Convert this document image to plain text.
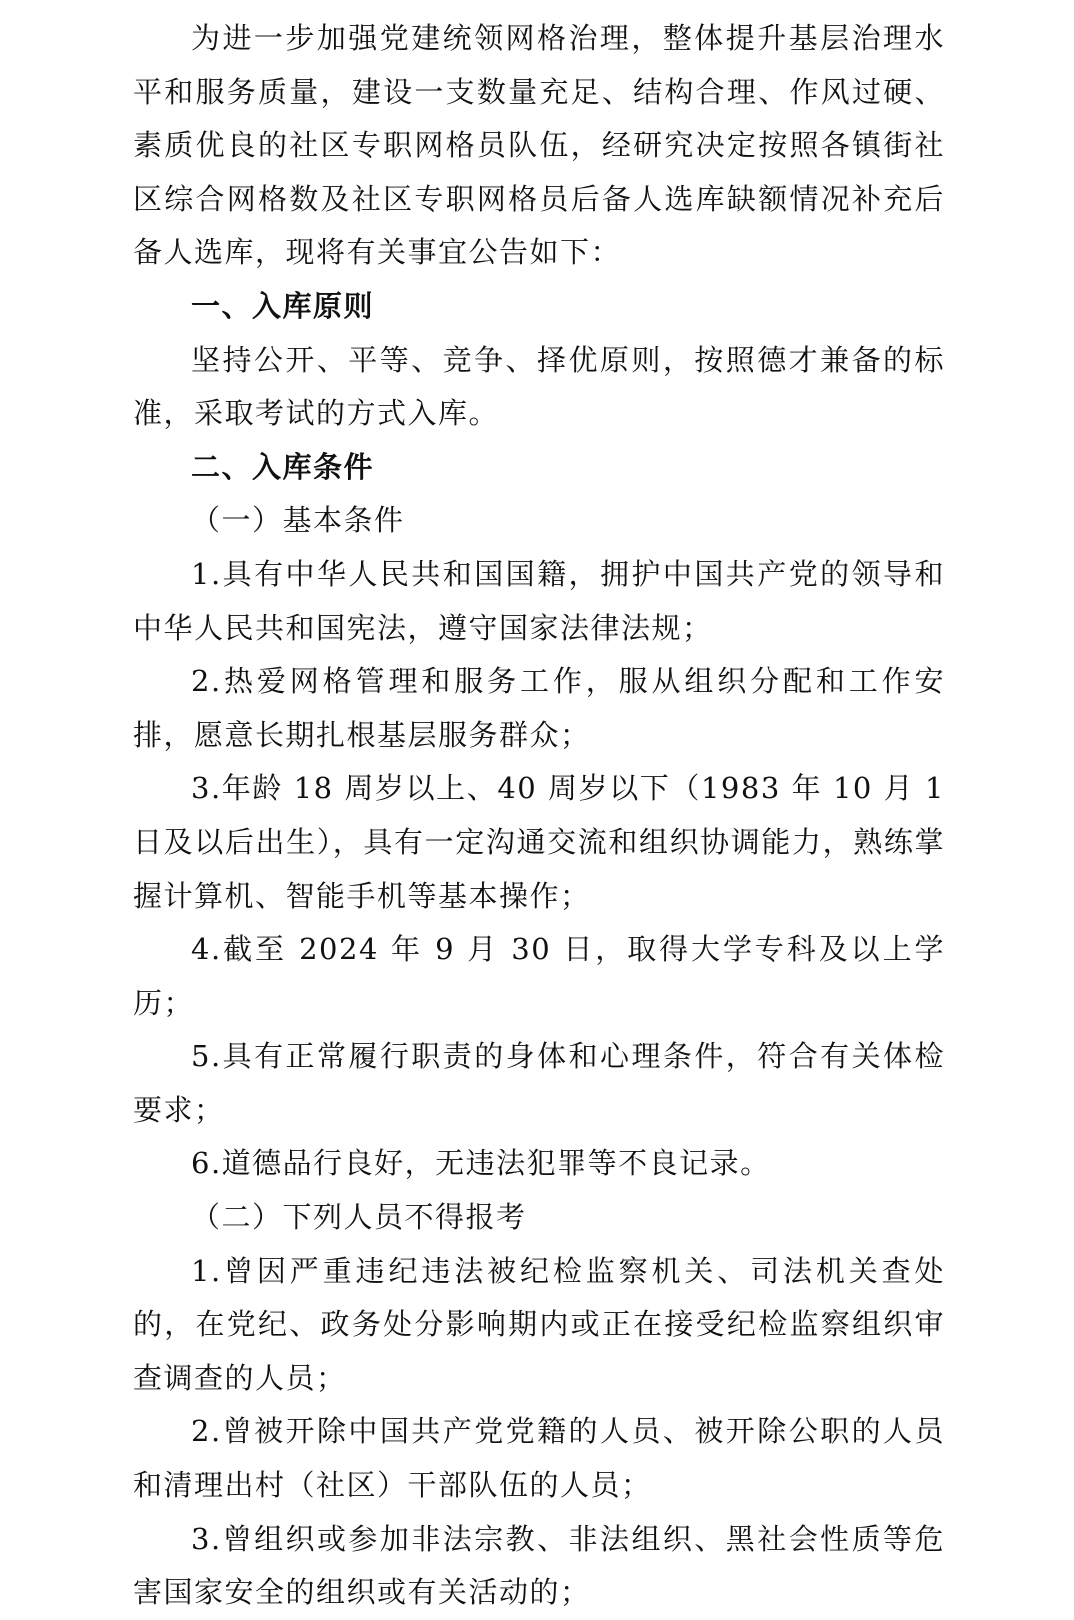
为进一步加强党建统领网格治理，整体提升基层治理水平和服务质量，建设一支数量充足、结构合理、作风过硬、素质优良的社区专职网格员队伍，经研究决定按照各镇街社区综合网格数及社区专职网格员后备人选库缺额情况补充后备人选库，现将有关事宜公告如下：

一、入库原则

坚持公开、平等、竞争、择优原则，按照德才兼备的标准，采取考试的方式入库。

二、入库条件

（一）基本条件

1.具有中华人民共和国国籍，拥护中国共产党的领导和中华人民共和国宪法，遵守国家法律法规；

2.热爱网格管理和服务工作，服从组织分配和工作安排，愿意长期扎根基层服务群众；

3.年龄 18 周岁以上、40 周岁以下（1983 年 10 月 1 日及以后出生），具有一定沟通交流和组织协调能力，熟练掌握计算机、智能手机等基本操作；

4.截至 2024 年 9 月 30 日，取得大学专科及以上学历；

5.具有正常履行职责的身体和心理条件，符合有关体检要求；

6.道德品行良好，无违法犯罪等不良记录。

（二）下列人员不得报考

1.曾因严重违纪违法被纪检监察机关、司法机关查处的，在党纪、政务处分影响期内或正在接受纪检监察组织审查调查的人员；

2.曾被开除中国共产党党籍的人员、被开除公职的人员和清理出村（社区）干部队伍的人员；

3.曾组织或参加非法宗教、非法组织、黑社会性质等危害国家安全的组织或有关活动的；
